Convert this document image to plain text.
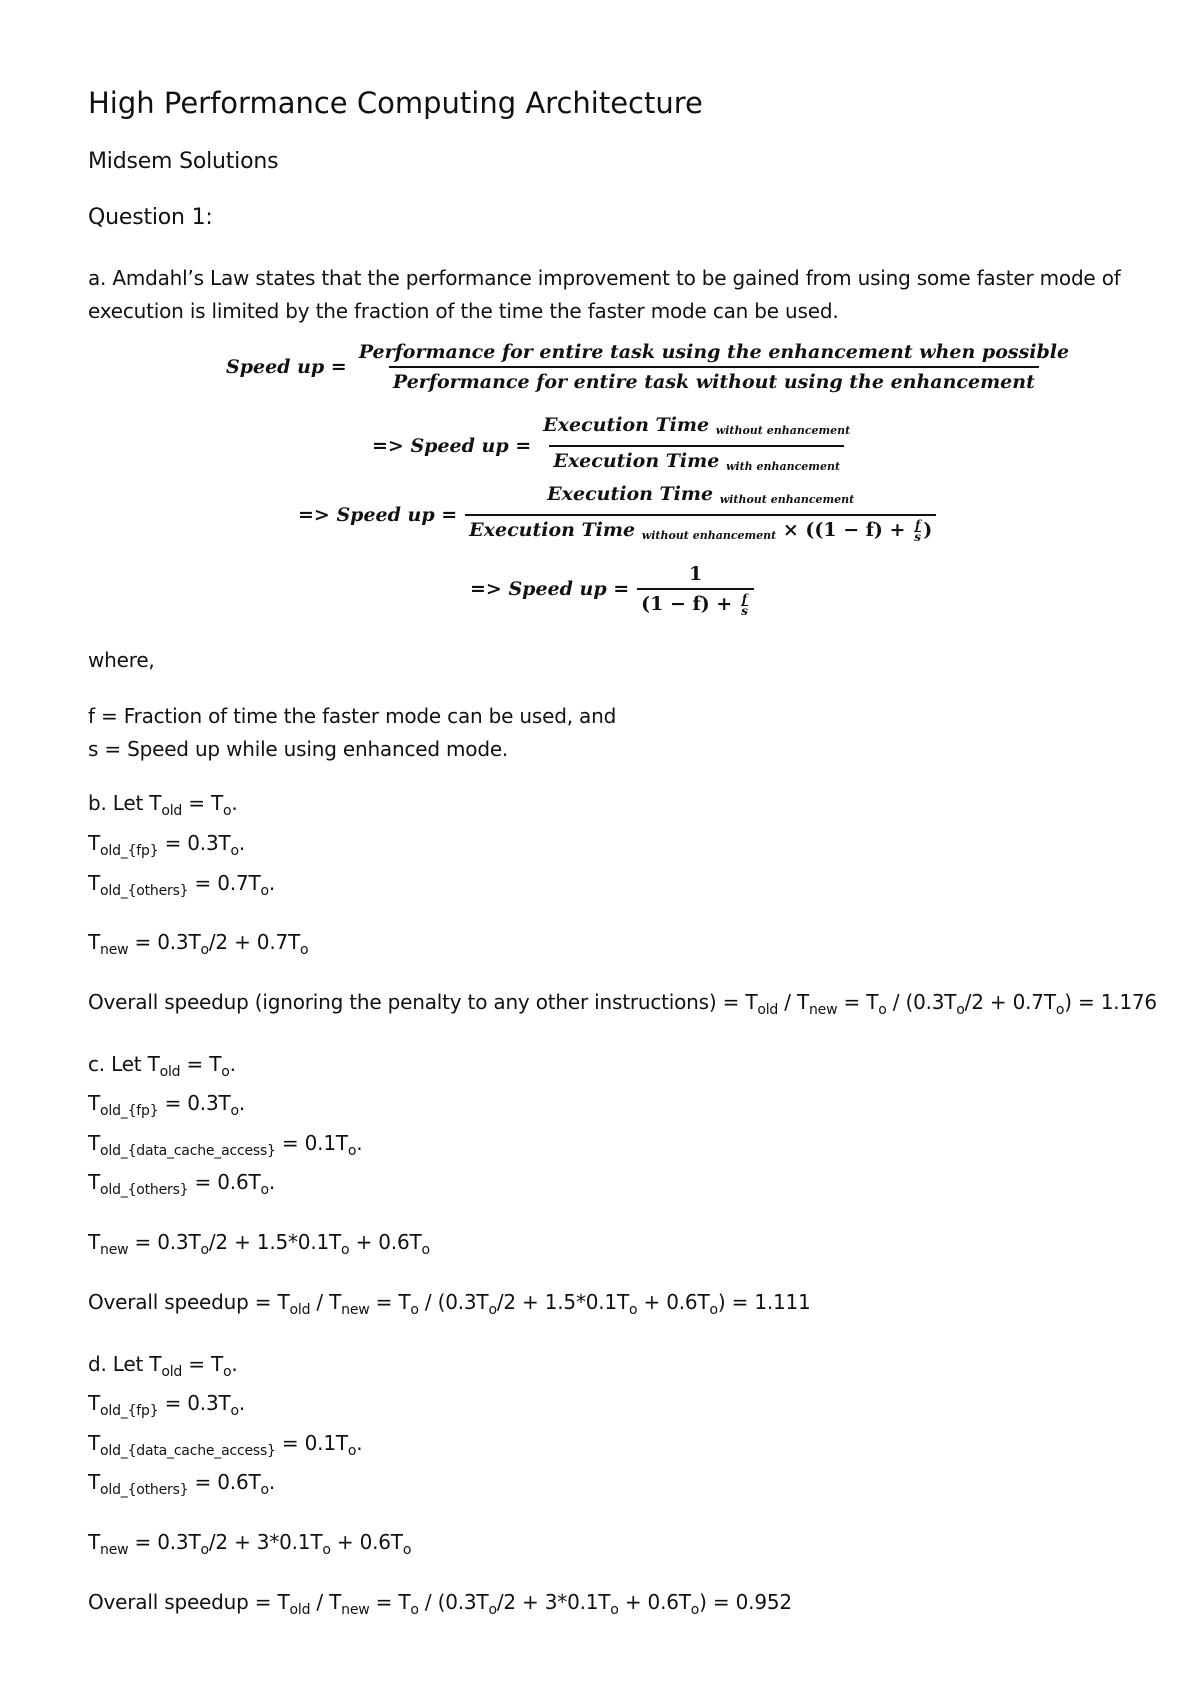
High Performance Computing Architecture
Midsem Solutions
Question 1:
a. Amdahl’s Law states that the performance improvement to be gained from using some faster mode of
execution is limited by the fraction of the time the faster mode can be used.
Speed up =
Performance for entire task using the enhancement when possible
Performance for entire task without using the enhancement
=> Speed up = $\frac{\text{Execution Time without enhancement}}{\text{Execution Time with enhancement}}$
=> Speed up = $\frac{\text{Execution Time without enhancement}}{Execution Time without enhancement \times ((1 - f) + \frac{f}{s} )}$
=> Speed up = $\frac{1}{(1 - f) + \frac{f}{s}}$
where,
f = Fraction of time the faster mode can be used, and
s = Speed up while using enhanced mode.
b. Let $T_{old} = T_o$.
$T_{old\_\{fp\}} = 0.3T_o$.
$T_{old\_\{others\}} = 0.7T_o$.
$T_{new} = 0.3T_o/2 + 0.7T_o$
Overall speedup (ignoring the penalty to any other instructions) = $T_{old} / T_{new} = T_o / (0.3T_o/2 + 0.7T_o) = 1.176$
c. Let $T_{old} = T_o$.
$T_{old\_\{fp\}} = 0.3T_o$.
$T_{old\_\{data\_cache\_access\}} = 0.1T_o$.
$T_{old\_\{others\}} = 0.6T_o$.
$T_{new} = 0.3T_o/2 + 1.5*0.1T_o + 0.6T_o$
Overall speedup = $T_{old} / T_{new} = T_o / (0.3T_o/2 + 1.5*0.1T_o + 0.6T_o) = 1.111$
d. Let $T_{old} = T_o$.
$T_{old\_\{fp\}} = 0.3T_o$.
$T_{old\_\{data\_cache\_access\}} = 0.1T_o$.
$T_{old\_\{others\}} = 0.6T_o$.
$T_{new} = 0.3T_o/2 + 3*0.1T_o + 0.6T_o$
Overall speedup = $T_{old} / T_{new} = T_o / (0.3T_o/2 + 3*0.1T_o + 0.6T_o) = 0.952$
